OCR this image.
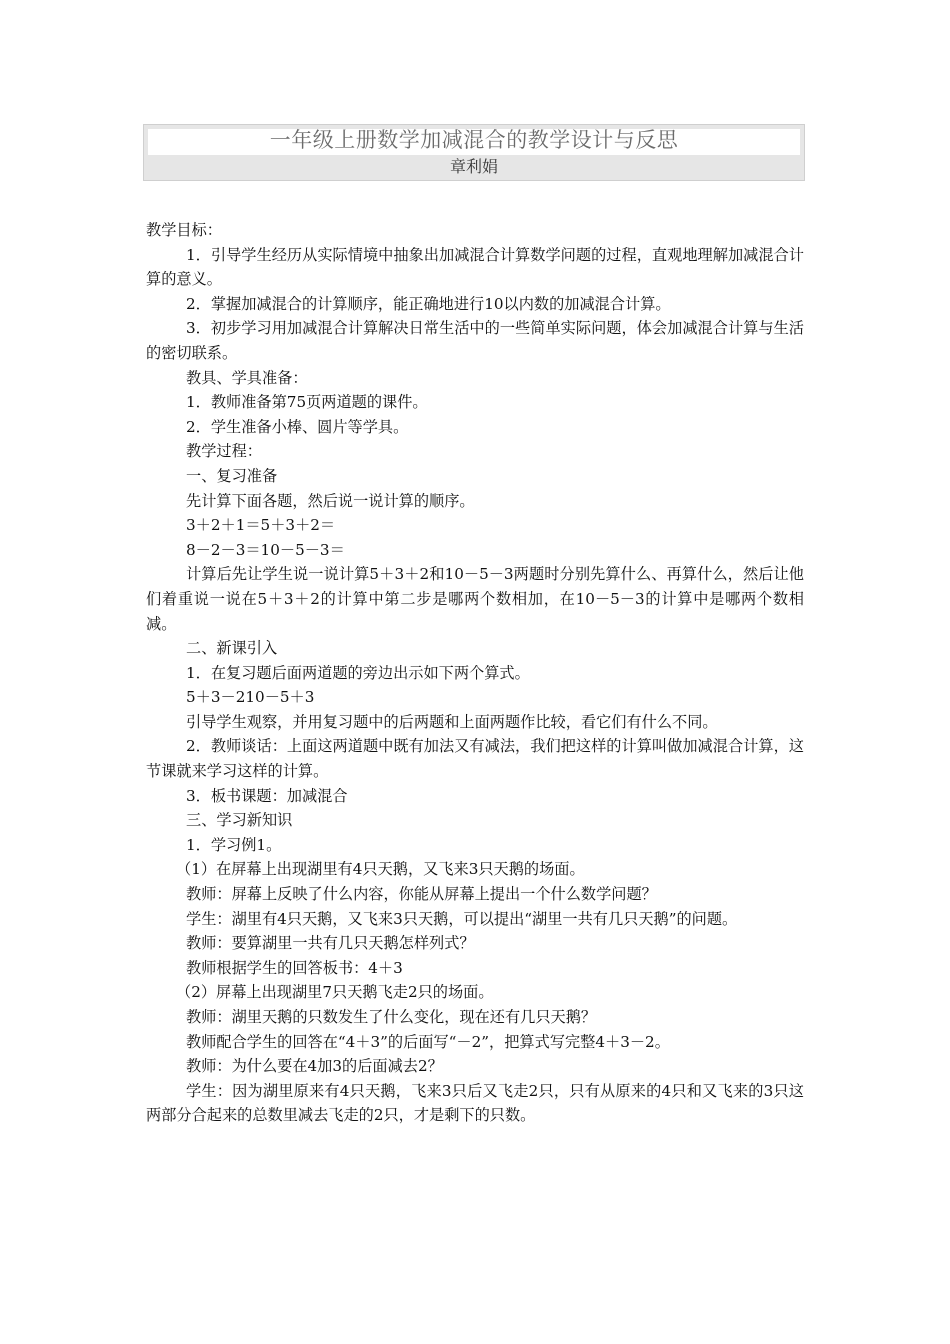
一年级上册数学加减混合的教学设计与反思
章利娟

教学目标：

1．引导学生经历从实际情境中抽象出加减混合计算数学问题的过程，直观地理解加减混合计算的意义。

2．掌握加减混合的计算顺序，能正确地进行10以内数的加减混合计算。

3．初步学习用加减混合计算解决日常生活中的一些简单实际问题，体会加减混合计算与生活的密切联系。

教具、学具准备：

1．教师准备第75页两道题的课件。

2．学生准备小棒、圆片等学具。

教学过程：

一、复习准备

先计算下面各题，然后说一说计算的顺序。

3＋2＋1＝5＋3＋2＝

8－2－3＝10－5－3＝

计算后先让学生说一说计算5＋3＋2和10－5－3两题时分别先算什么、再算什么，然后让他们着重说一说在5＋3＋2的计算中第二步是哪两个数相加，在10－5－3的计算中是哪两个数相减。

二、新课引入

1．在复习题后面两道题的旁边出示如下两个算式。

5＋3－210－5＋3

引导学生观察，并用复习题中的后两题和上面两题作比较，看它们有什么不同。

2．教师谈话：上面这两道题中既有加法又有减法，我们把这样的计算叫做加减混合计算，这节课就来学习这样的计算。

3．板书课题：加减混合

三、学习新知识

1．学习例1。

（1）在屏幕上出现湖里有4只天鹅，又飞来3只天鹅的场面。

教师：屏幕上反映了什么内容，你能从屏幕上提出一个什么数学问题？

学生：湖里有4只天鹅，又飞来3只天鹅，可以提出“湖里一共有几只天鹅”的问题。

教师：要算湖里一共有几只天鹅怎样列式？

教师根据学生的回答板书：4＋3

（2）屏幕上出现湖里7只天鹅飞走2只的场面。

教师：湖里天鹅的只数发生了什么变化，现在还有几只天鹅？

教师配合学生的回答在“4＋3”的后面写“－2”，把算式写完整4＋3－2。

教师：为什么要在4加3的后面减去2？

学生：因为湖里原来有4只天鹅，飞来3只后又飞走2只，只有从原来的4只和又飞来的3只这两部分合起来的总数里减去飞走的2只，才是剩下的只数。
